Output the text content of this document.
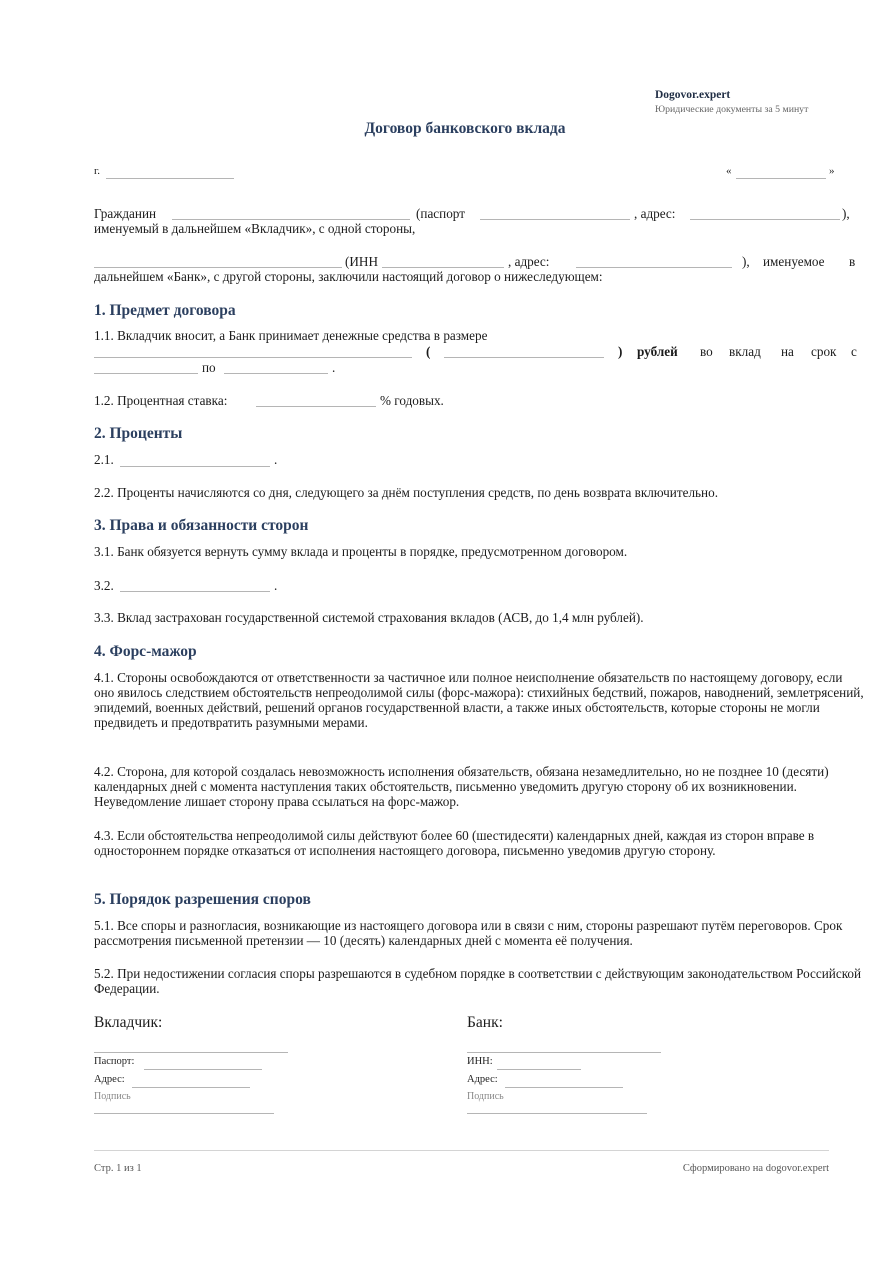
Dogovor.expert
Юридические документы за 5 минут
Договор банковского вклада
г.	«	»
Гражданин	(паспорт	, адрес:	),
именуемый в дальнейшем «Вкладчик», с одной стороны,
(ИНН	, адрес:	), именуемое в
дальнейшем «Банк», с другой стороны, заключили настоящий договор о нижеследующем:
1. Предмет договора
1.1. Вкладчик вносит, а Банк принимает денежные средства в размере
(	) рублей во вклад на срок с
по	.
1.2. Процентная ставка:	% годовых.
2. Проценты
2.1.	.
2.2. Проценты начисляются со дня, следующего за днём поступления средств, по день возврата включительно.
3. Права и обязанности сторон
3.1. Банк обязуется вернуть сумму вклада и проценты в порядке, предусмотренном договором.
3.2.	.
3.3. Вклад застрахован государственной системой страхования вкладов (АСВ, до 1,4 млн рублей).
4. Форс-мажор
4.1. Стороны освобождаются от ответственности за частичное или полное неисполнение обязательств по настоящему договору, если оно явилось следствием обстоятельств непреодолимой силы (форс-мажора): стихийных бедствий, пожаров, наводнений, землетрясений, эпидемий, военных действий, решений органов государственной власти, а также иных обстоятельств, которые стороны не могли предвидеть и предотвратить разумными мерами.
4.2. Сторона, для которой создалась невозможность исполнения обязательств, обязана незамедлительно, но не позднее 10 (десяти) календарных дней с момента наступления таких обстоятельств, письменно уведомить другую сторону об их возникновении. Неуведомление лишает сторону права ссылаться на форс-мажор.
4.3. Если обстоятельства непреодолимой силы действуют более 60 (шестидесяти) календарных дней, каждая из сторон вправе в одностороннем порядке отказаться от исполнения настоящего договора, письменно уведомив другую сторону.
5. Порядок разрешения споров
5.1. Все споры и разногласия, возникающие из настоящего договора или в связи с ним, стороны разрешают путём переговоров. Срок рассмотрения письменной претензии — 10 (десять) календарных дней с момента её получения.
5.2. При недостижении согласия споры разрешаются в судебном порядке в соответствии с действующим законодательством Российской Федерации.
Вкладчик:
Паспорт:
Адрес:
Подпись
Банк:
ИНН:
Адрес:
Подпись
Стр. 1 из 1	Сформировано на dogovor.expert
